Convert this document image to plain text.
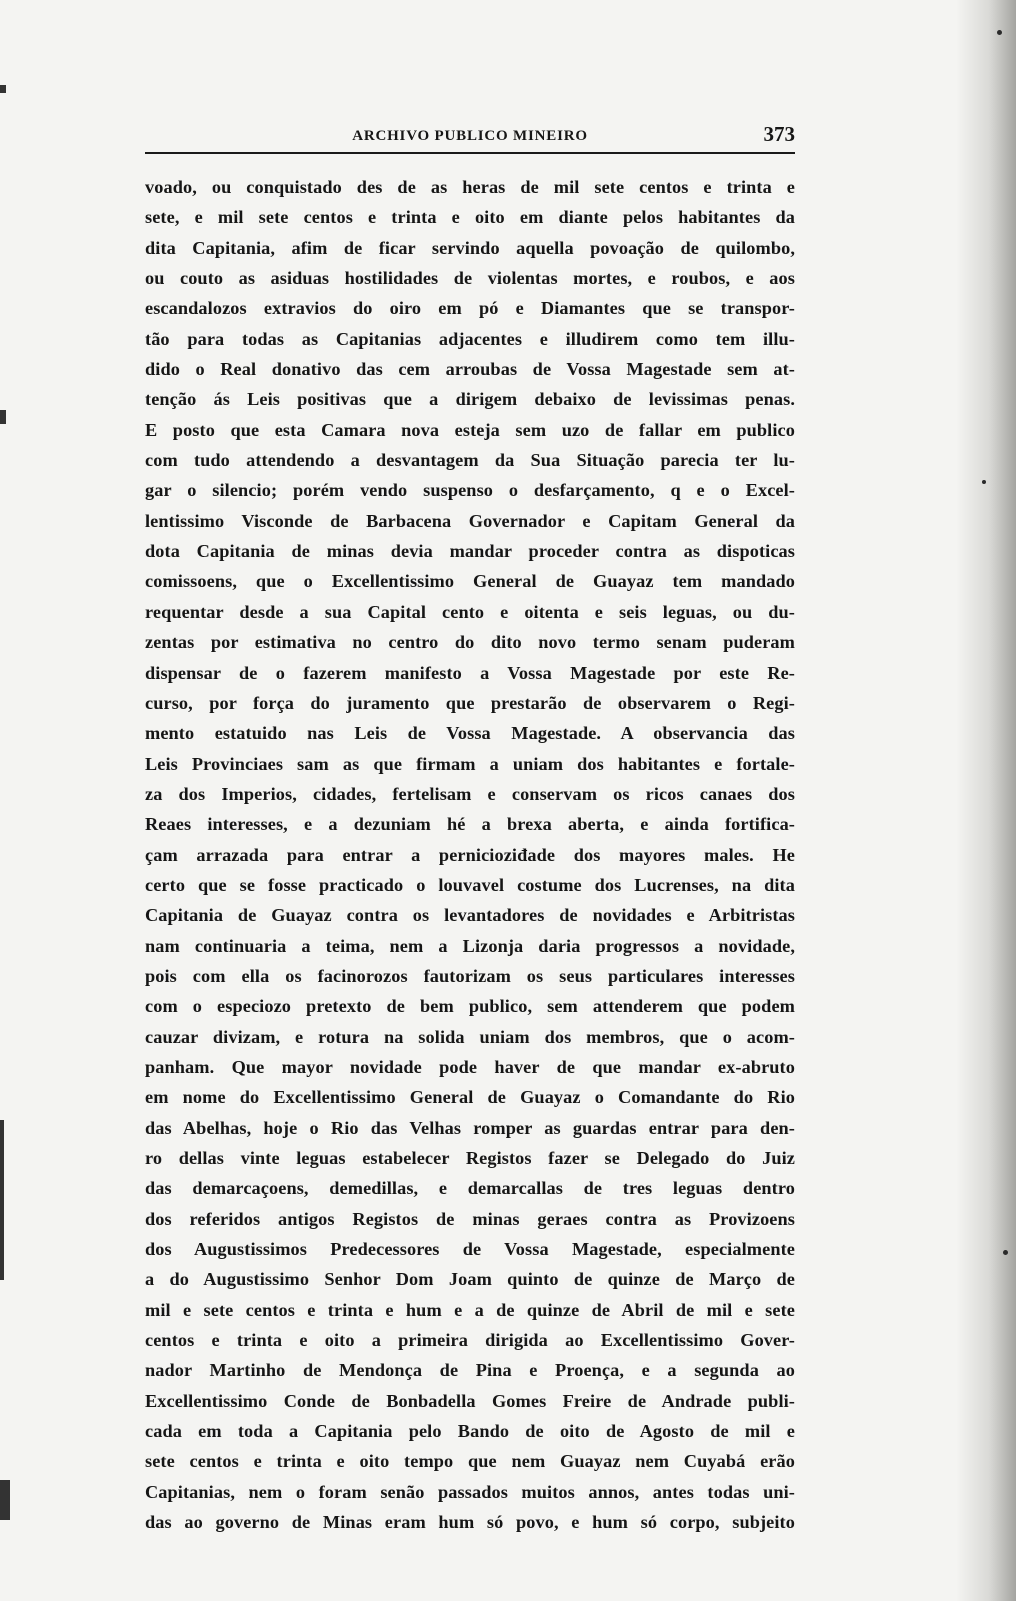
ARCHIVO PUBLICO MINEIRO	373
voado, ou conquistado des de as heras de mil sete centos e trinta e
sete, e mil sete centos e trinta e oito em diante pelos habitantes da
dita Capitania, afim de ficar servindo aquella povoação de quilombo,
ou couto as asiduas hostilidades de violentas mortes, e roubos, e aos
escandalozos extravios do oiro em pó e Diamantes que se transpor-
tão para todas as Capitanias adjacentes e illudirem como tem illu-
dido o Real donativo das cem arroubas de Vossa Magestade sem at-
tenção ás Leis positivas que a dirigem debaixo de levissimas penas.
E posto que esta Camara nova esteja sem uzo de fallar em publico
com tudo attendendo a desvantagem da Sua Situação parecia ter lu-
gar o silencio; porém vendo suspenso o desfarçamento, q e o Excel-
lentissimo Visconde de Barbacena Governador e Capitam General da
dota Capitania de minas devia mandar proceder contra as dispoticas
comissoens, que o Excellentissimo General de Guayaz tem mandado
requentar desde a sua Capital cento e oitenta e seis leguas, ou du-
zentas por estimativa no centro do dito novo termo senam puderam
dispensar de o fazerem manifesto a Vossa Magestade por este Re-
curso, por força do juramento que prestarão de observarem o Regi-
mento estatuido nas Leis de Vossa Magestade. A observancia das
Leis Provinciaes sam as que firmam a uniam dos habitantes e fortale-
za dos Imperios, cidades, fertelisam e conservam os ricos canaes dos
Reaes interesses, e a dezuniam hé a brexa aberta, e ainda fortifica-
çam arrazada para entrar a pernicioziđade dos mayores males. He
certo que se fosse practicado o louvavel costume dos Lucrenses, na dita
Capitania de Guayaz contra os levantadores de novidades e Arbitristas
nam continuaria a teima, nem a Lizonja daria progressos a novidade,
pois com ella os facinorozos fautorizam os seus particulares interesses
com o especiozo pretexto de bem publico, sem attenderem que podem
cauzar divizam, e rotura na solida uniam dos membros, que o acom-
panham. Que mayor novidade pode haver de que mandar ex-abruto
em nome do Excellentissimo General de Guayaz o Comandante do Rio
das Abelhas, hoje o Rio das Velhas romper as guardas entrar para den-
ro dellas vinte leguas estabelecer Registos fazer se Delegado do Juiz
das demarcaçoens, demedillas, e demarcallas de tres leguas dentro
dos referidos antigos Registos de minas geraes contra as Provizoens
dos Augustissimos Predecessores de Vossa Magestade, especialmente
a do Augustissimo Senhor Dom Joam quinto de quinze de Março de
mil e sete centos e trinta e hum e a de quinze de Abril de mil e sete
centos e trinta e oito a primeira dirigida ao Excellentissimo Gover-
nador Martinho de Mendonça de Pina e Proença, e a segunda ao
Excellentissimo Conde de Bonbadella Gomes Freire de Andrade publi-
cada em toda a Capitania pelo Bando de oito de Agosto de mil e
sete centos e trinta e oito tempo que nem Guayaz nem Cuyabá erão
Capitanias, nem o foram senão passados muitos annos, antes todas uni-
das ao governo de Minas eram hum só povo, e hum só corpo, subjeito
